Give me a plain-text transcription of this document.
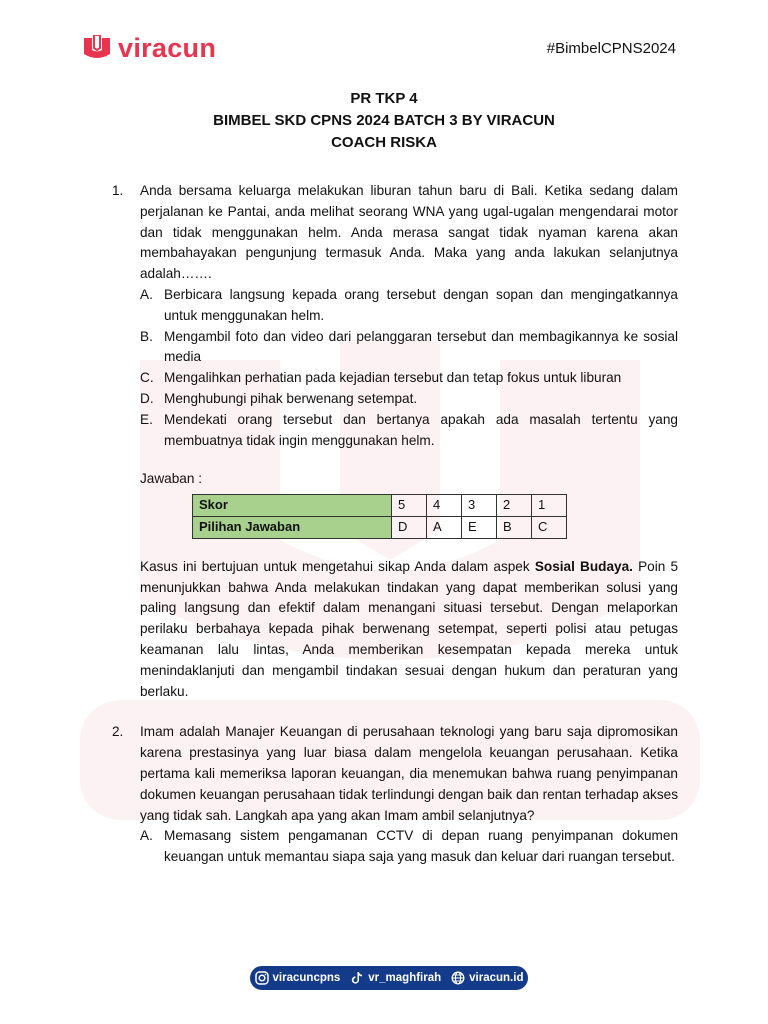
viracun	#BimbelCPNS2024
PR TKP 4
BIMBEL SKD CPNS 2024 BATCH 3 BY VIRACUN
COACH RISKA
1.	Anda bersama keluarga melakukan liburan tahun baru di Bali. Ketika sedang dalam perjalanan ke Pantai, anda melihat seorang WNA yang ugal-ugalan mengendarai motor dan tidak menggunakan helm. Anda merasa sangat tidak nyaman karena akan membahayakan pengunjung termasuk Anda. Maka yang anda lakukan selanjutnya adalah…….
A. Berbicara langsung kepada orang tersebut dengan sopan dan mengingatkannya untuk menggunakan helm.
B. Mengambil foto dan video dari pelanggaran tersebut dan membagikannya ke sosial media
C. Mengalihkan perhatian pada kejadian tersebut dan tetap fokus untuk liburan
D. Menghubungi pihak berwenang setempat.
E. Mendekati orang tersebut dan bertanya apakah ada masalah tertentu yang membuatnya tidak ingin menggunakan helm.
Jawaban :
Skor	5	4	3	2	1
Pilihan Jawaban	D	A	E	B	C
Kasus ini bertujuan untuk mengetahui sikap Anda dalam aspek Sosial Budaya. Poin 5 menunjukkan bahwa Anda melakukan tindakan yang dapat memberikan solusi yang paling langsung dan efektif dalam menangani situasi tersebut. Dengan melaporkan perilaku berbahaya kepada pihak berwenang setempat, seperti polisi atau petugas keamanan lalu lintas, Anda memberikan kesempatan kepada mereka untuk menindaklanjuti dan mengambil tindakan sesuai dengan hukum dan peraturan yang berlaku.
2.	Imam adalah Manajer Keuangan di perusahaan teknologi yang baru saja dipromosikan karena prestasinya yang luar biasa dalam mengelola keuangan perusahaan. Ketika pertama kali memeriksa laporan keuangan, dia menemukan bahwa ruang penyimpanan dokumen keuangan perusahaan tidak terlindungi dengan baik dan rentan terhadap akses yang tidak sah. Langkah apa yang akan Imam ambil selanjutnya?
A. Memasang sistem pengamanan CCTV di depan ruang penyimpanan dokumen keuangan untuk memantau siapa saja yang masuk dan keluar dari ruangan tersebut.
viracuncpns vr_maghfirah viracun.id
